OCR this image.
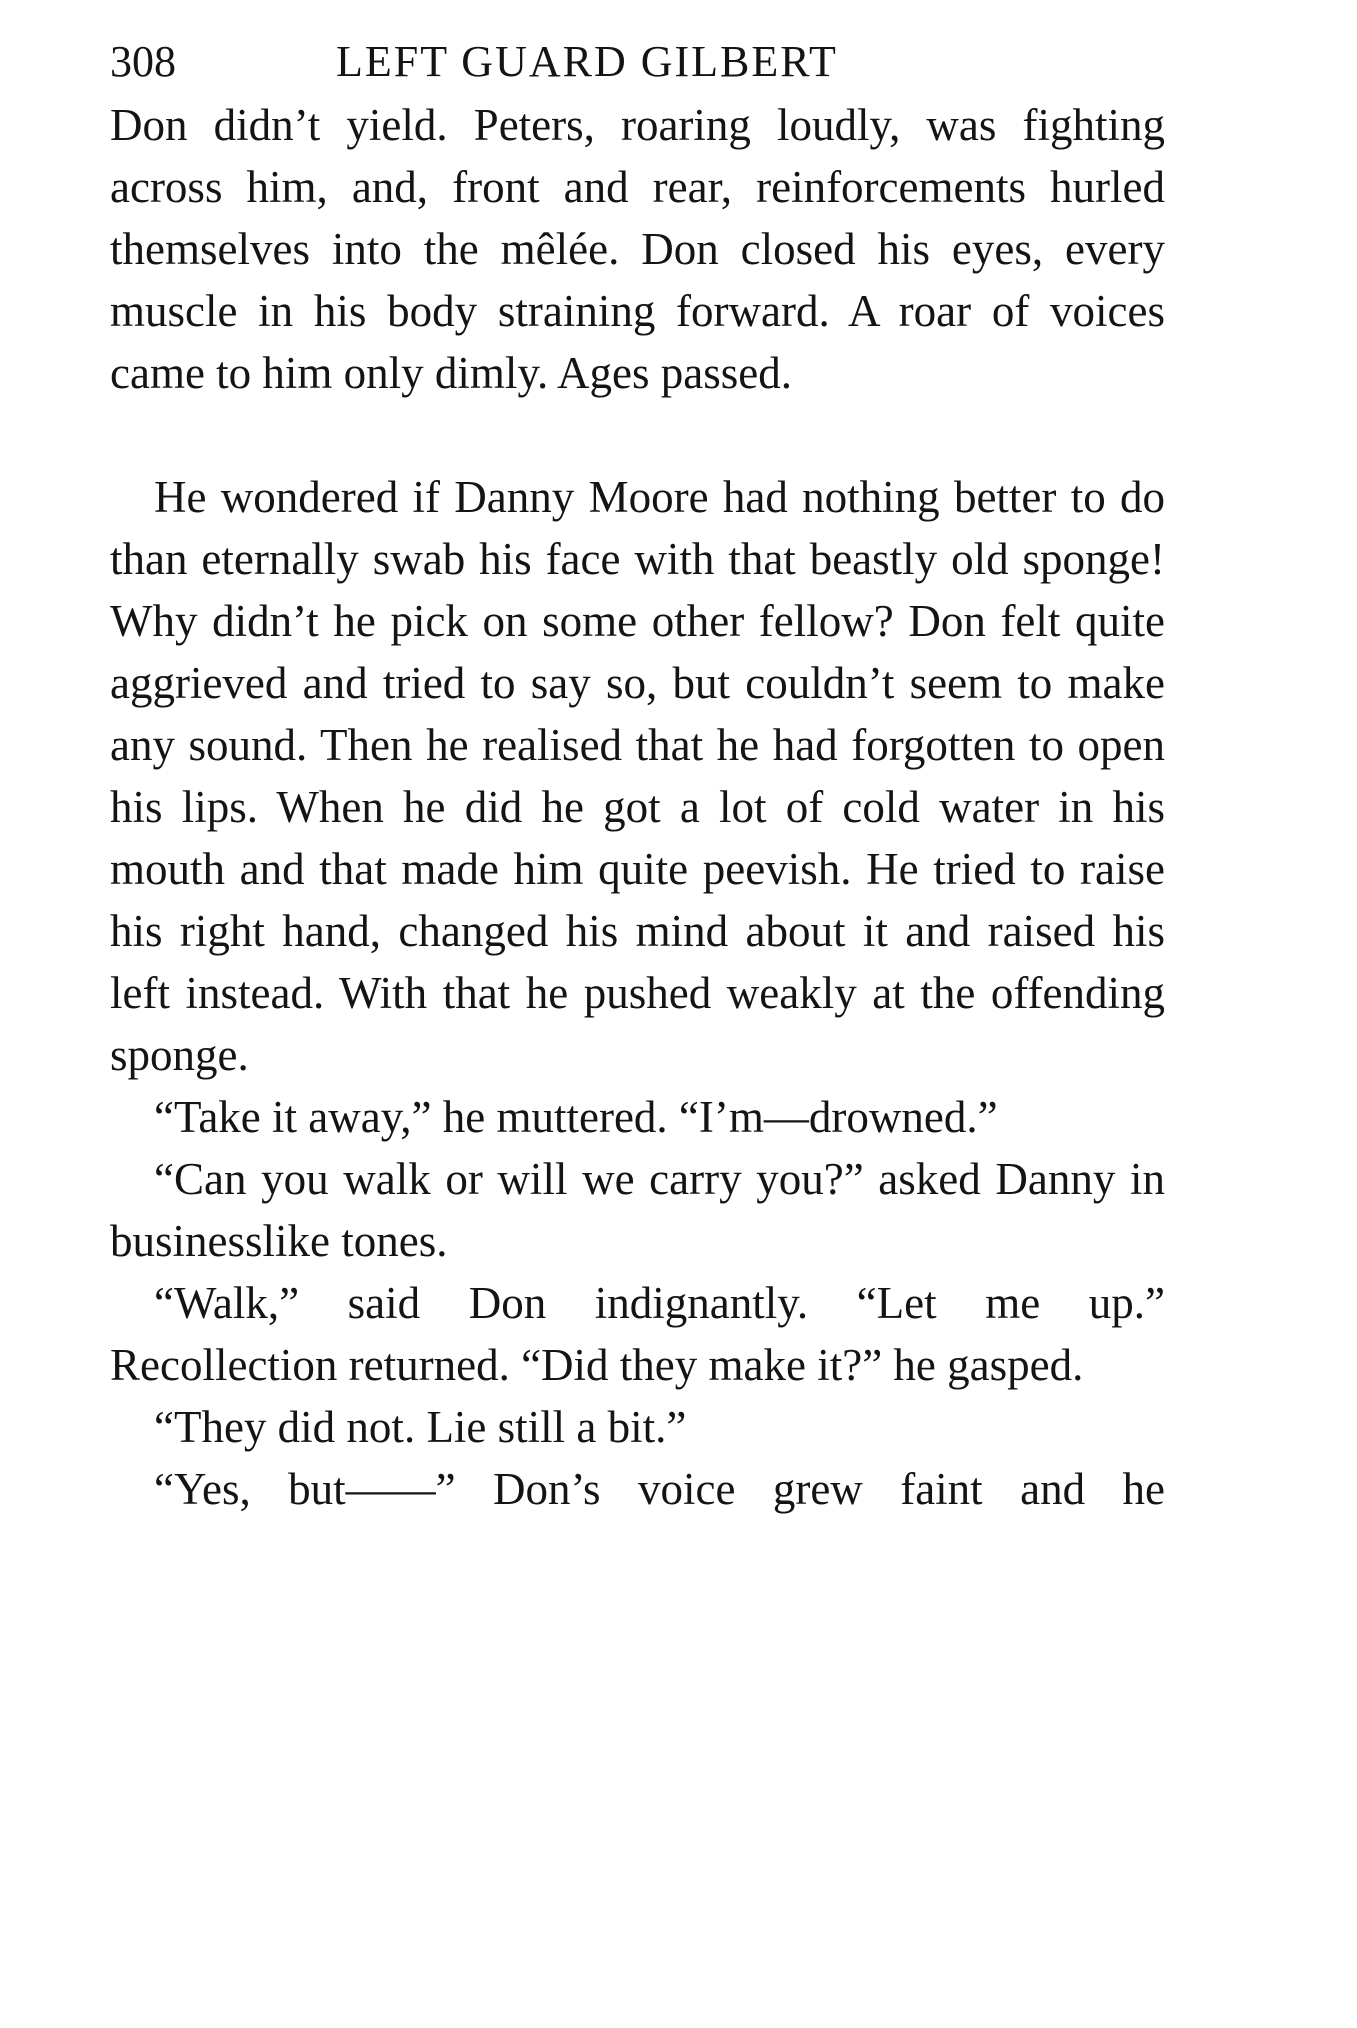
308	LEFT GUARD GILBERT

Don didn’t yield. Peters, roaring loudly, was fighting across him, and, front and rear, reinforcements hurled themselves into the mêlée. Don closed his eyes, every muscle in his body straining forward. A roar of voices came to him only dimly. Ages passed.

He wondered if Danny Moore had nothing better to do than eternally swab his face with that beastly old sponge! Why didn’t he pick on some other fellow? Don felt quite aggrieved and tried to say so, but couldn’t seem to make any sound. Then he realised that he had forgotten to open his lips. When he did he got a lot of cold water in his mouth and that made him quite peevish. He tried to raise his right hand, changed his mind about it and raised his left instead. With that he pushed weakly at the offending sponge.

“Take it away,” he muttered. “I’m—drowned.”

“Can you walk or will we carry you?” asked Danny in businesslike tones.

“Walk,” said Don indignantly. “Let me up.” Recollection returned. “Did they make it?” he gasped.

“They did not. Lie still a bit.”

“Yes, but——” Don’s voice grew faint and he
